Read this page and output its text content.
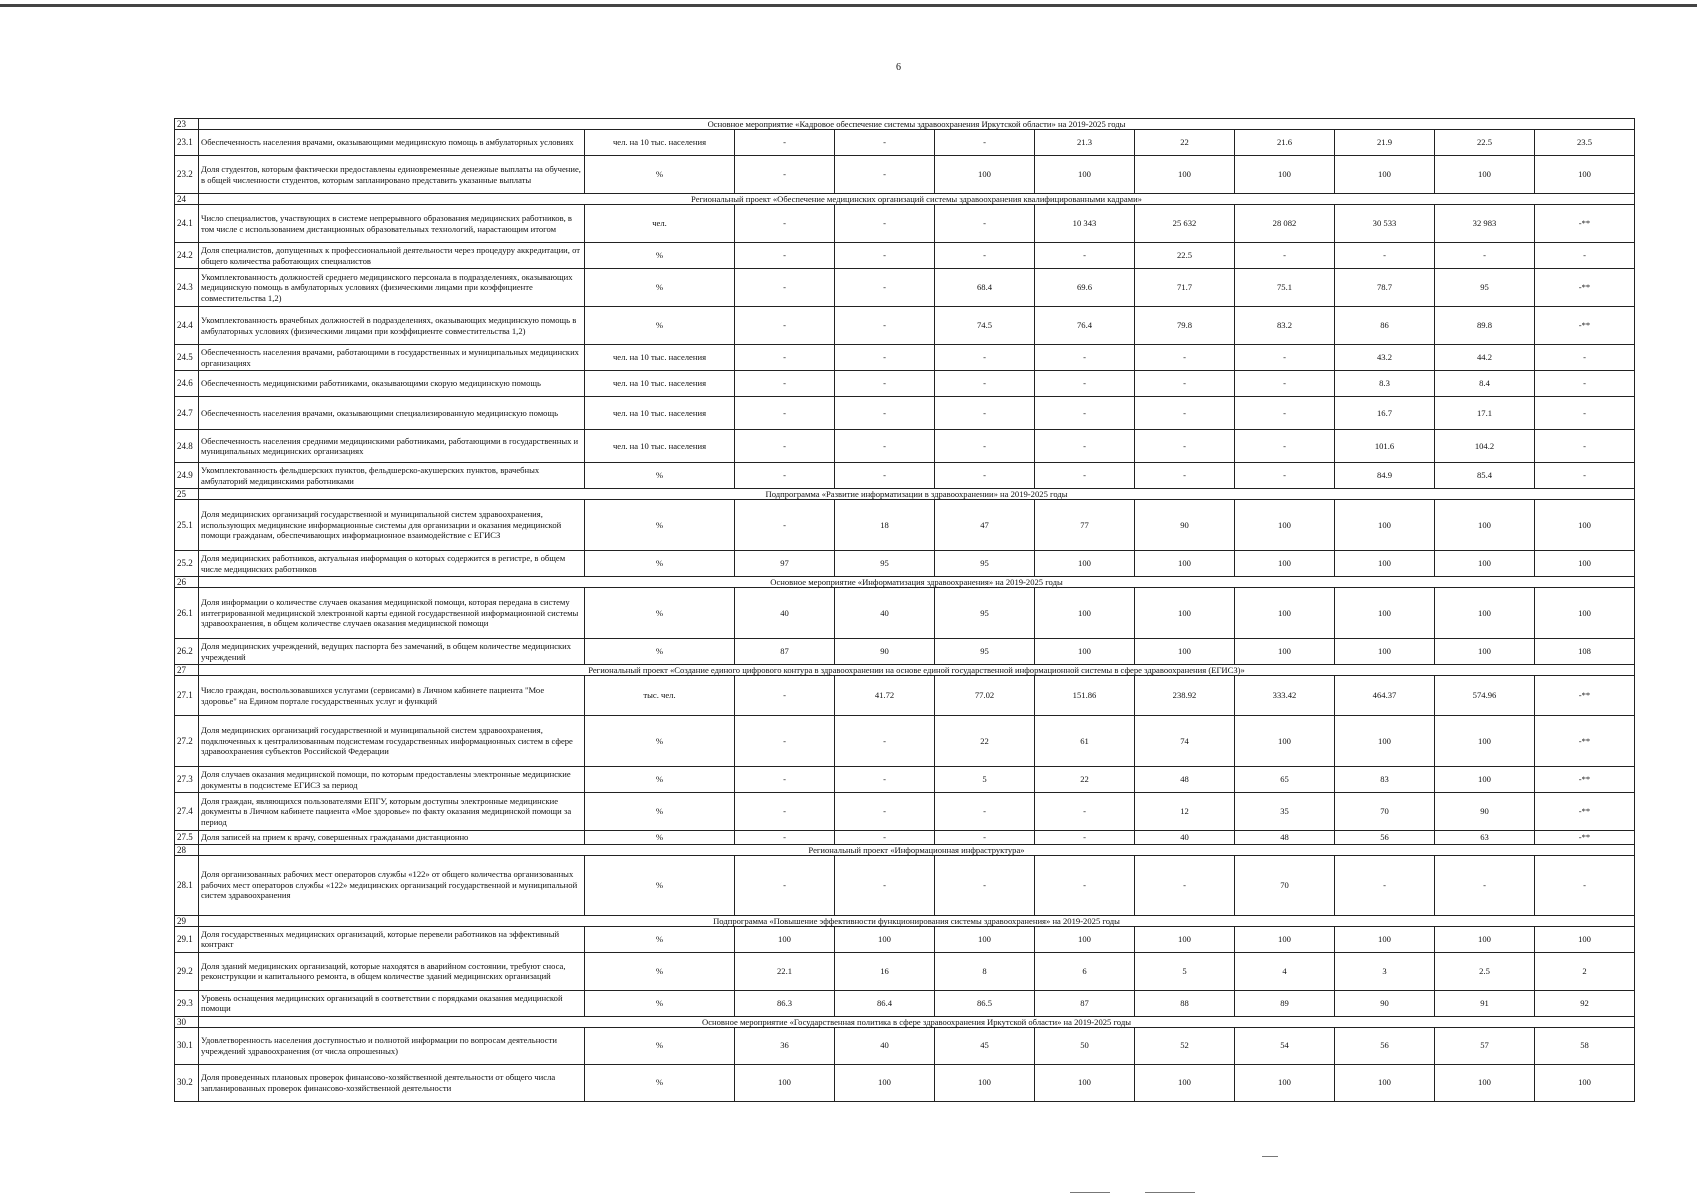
6
23	Основное мероприятие «Кадровое обеспечение системы здравоохранения Иркутской области» на 2019-2025 годы										
23.1	Обеспеченность населения врачами, оказывающими медицинскую помощь в амбулаторных условиях	чел. на 10 тыс. населения	-	-	-	21.3	22	21.6	21.9	22.5	23.5
23.2	Доля студентов, которым фактически предоставлены единовременные денежные выплаты на обучение, в общей численности студентов, которым запланировано представить указанные выплаты	%	-	-	100	100	100	100	100	100	100
24	Региональный проект «Обеспечение медицинских организаций системы здравоохранения квалифицированными кадрами»										
24.1	Число специалистов, участвующих в системе непрерывного образования медицинских работников, в том числе с использованием дистанционных образовательных технологий, нарастающим итогом	чел.	-	-	-	10 343	25 632	28 082	30 533	32 983	-**
24.2	Доля специалистов, допущенных к профессиональной деятельности через процедуру аккредитации, от общего количества работающих специалистов	%	-	-	-	-	22.5	-	-	-	-
24.3	Укомплектованность должностей среднего медицинского персонала в подразделениях, оказывающих медицинскую помощь в амбулаторных условиях (физическими лицами при коэффициенте совместительства 1,2)	%	-	-	68.4	69.6	71.7	75.1	78.7	95	-**
24.4	Укомплектованность врачебных должностей в подразделениях, оказывающих медицинскую помощь в амбулаторных условиях (физическими лицами при коэффициенте совместительства 1,2)	%	-	-	74.5	76.4	79.8	83.2	86	89.8	-**
24.5	Обеспеченность населения врачами, работающими в государственных и муниципальных медицинских организациях	чел. на 10 тыс. населения	-	-	-	-	-	-	43.2	44.2	-
24.6	Обеспеченность медицинскими работниками, оказывающими скорую медицинскую помощь	чел. на 10 тыс. населения	-	-	-	-	-	-	8.3	8.4	-
24.7	Обеспеченность населения врачами, оказывающими специализированную медицинскую помощь	чел. на 10 тыс. населения	-	-	-	-	-	-	16.7	17.1	-
24.8	Обеспеченность населения средними медицинскими работниками, работающими в государственных и муниципальных медицинских организациях	чел. на 10 тыс. населения	-	-	-	-	-	-	101.6	104.2	-
24.9	Укомплектованность фельдшерских пунктов, фельдшерско-акушерских пунктов, врачебных амбулаторий медицинскими работниками	%	-	-	-	-	-	-	84.9	85.4	-
25	Подпрограмма «Развитие информатизации в здравоохранении» на 2019-2025 годы										
25.1	Доля медицинских организаций государственной и муниципальной систем здравоохранения, использующих медицинские информационные системы для организации и оказания медицинской помощи гражданам, обеспечивающих информационное взаимодействие с ЕГИСЗ	%	-	18	47	77	90	100	100	100	100
25.2	Доля медицинских работников, актуальная информация о которых содержится в регистре, в общем числе медицинских работников	%	97	95	95	100	100	100	100	100	100
26	Основное мероприятие «Информатизация здравоохранения» на 2019-2025 годы										
26.1	Доля информации о количестве случаев оказания медицинской помощи, которая передана в систему интегрированной медицинской электронной карты единой государственной информационной системы здравоохранения, в общем количестве случаев оказания медицинской помощи	%	40	40	95	100	100	100	100	100	100
26.2	Доля медицинских учреждений, ведущих паспорта без замечаний, в общем количестве медицинских учреждений	%	87	90	95	100	100	100	100	100	108
27	Региональный проект «Создание единого цифрового контура в здравоохранении на основе единой государственной информационной системы в сфере здравоохранения (ЕГИСЗ)»										
27.1	Число граждан, воспользовавшихся услугами (сервисами) в Личном кабинете пациента "Мое здоровье" на Едином портале государственных услуг и функций	тыс. чел.	-	41.72	77.02	151.86	238.92	333.42	464.37	574.96	-**
27.2	Доля медицинских организаций государственной и муниципальной систем здравоохранения, подключенных к централизованным подсистемам государственных информационных систем в сфере здравоохранения субъектов Российской Федерации	%	-	-	22	61	74	100	100	100	-**
27.3	Доля случаев оказания медицинской помощи, по которым предоставлены электронные медицинские документы в подсистеме ЕГИСЗ за период	%	-	-	5	22	48	65	83	100	-**
27.4	Доля граждан, являющихся пользователями ЕПГУ, которым доступны электронные медицинские документы в Личном кабинете пациента «Мое здоровье» по факту оказания медицинской помощи за период	%	-	-	-	-	12	35	70	90	-**
27.5	Доля записей на прием к врачу, совершенных гражданами дистанционно	%	-	-	-	-	40	48	56	63	-**
28	Региональный проект «Информационная инфраструктура»										
28.1	Доля организованных рабочих мест операторов службы «122» от общего количества организованных рабочих мест операторов службы «122» медицинских организаций государственной и муниципальной систем здравоохранения	%	-	-	-	-	-	70	-	-	-
29	Подпрограмма «Повышение эффективности функционирования системы здравоохранения» на 2019-2025 годы										
29.1	Доля государственных медицинских организаций, которые перевели работников на эффективный контракт	%	100	100	100	100	100	100	100	100	100
29.2	Доля зданий медицинских организаций, которые находятся в аварийном состоянии, требуют сноса, реконструкции и капитального ремонта, в общем количестве зданий медицинских организаций	%	22.1	16	8	6	5	4	3	2.5	2
29.3	Уровень оснащения медицинских организаций в соответствии с порядками оказания медицинской помощи	%	86.3	86.4	86.5	87	88	89	90	91	92
30	Основное мероприятие «Государственная политика в сфере здравоохранения Иркутской области» на 2019-2025 годы										
30.1	Удовлетворенность населения доступностью и полнотой информации по вопросам деятельности учреждений здравоохранения (от числа опрошенных)	%	36	40	45	50	52	54	56	57	58
30.2	Доля проведенных плановых проверок финансово-хозяйственной деятельности от общего числа запланированных проверок финансово-хозяйственной деятельности	%	100	100	100	100	100	100	100	100	100
